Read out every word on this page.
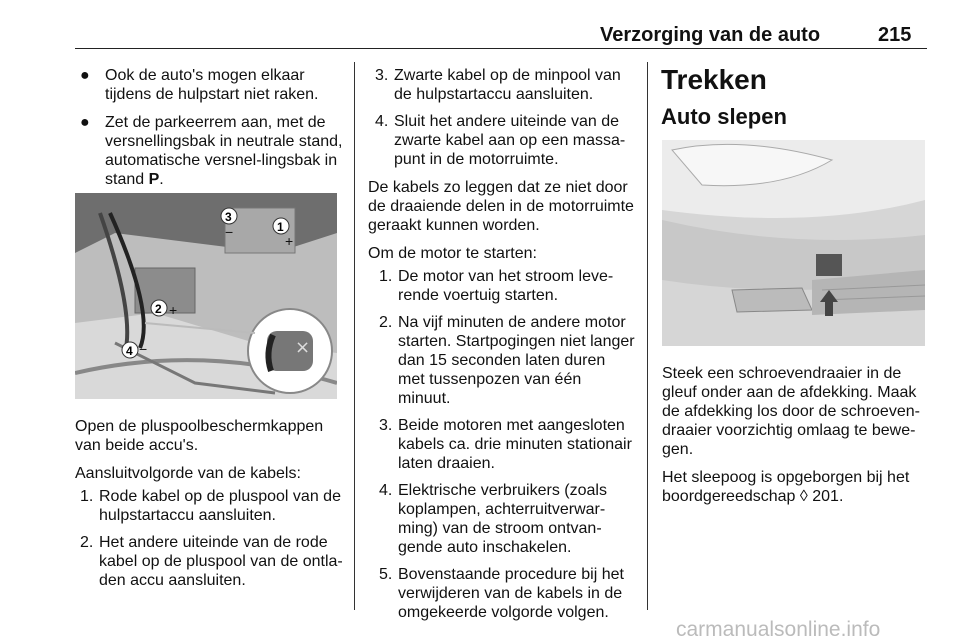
Verzorging van de auto	215
● Ook de auto's mogen elkaar tijdens de hulpstart niet raken.
● Zet de parkeerrem aan, met de versnellingsbak in neutrale stand, automatische versnel-lingsbak in stand P.
×
1
+
2 +
3
−
4 −

Open de pluspoolbeschermkappen van beide accu's.

Aansluitvolgorde van de kabels:

1. Rode kabel op de pluspool van de hulpstartaccu aansluiten.
2. Het andere uiteinde van de rode kabel op de pluspool van de ontla-den accu aansluiten.
3. Zwarte kabel op de minpool van de hulpstartaccu aansluiten.
4. Sluit het andere uiteinde van de zwarte kabel aan op een massa-punt in de motorruimte.

De kabels zo leggen dat ze niet door de draaiende delen in de motorruimte geraakt kunnen worden.

Om de motor te starten:

1. De motor van het stroom leve-rende voertuig starten.
2. Na vijf minuten de andere motor starten. Startpogingen niet langer dan 15 seconden laten duren met tussenpozen van één minuut.
3. Beide motoren met aangesloten kabels ca. drie minuten stationair laten draaien.
4. Elektrische verbruikers (zoals koplampen, achterruitverwar-ming) van de stroom ontvan-gende auto inschakelen.
5. Bovenstaande procedure bij het verwijderen van de kabels in de omgekeerde volgorde volgen.
Trekken
Auto slepen

Steek een schroevendraaier in de gleuf onder aan de afdekking. Maak de afdekking los door de schroeven-draaier voorzichtig omlaag te bewe-gen.

Het sleepoog is opgeborgen bij het boordgereedschap ◊ 201.

carmanualsonline.info
